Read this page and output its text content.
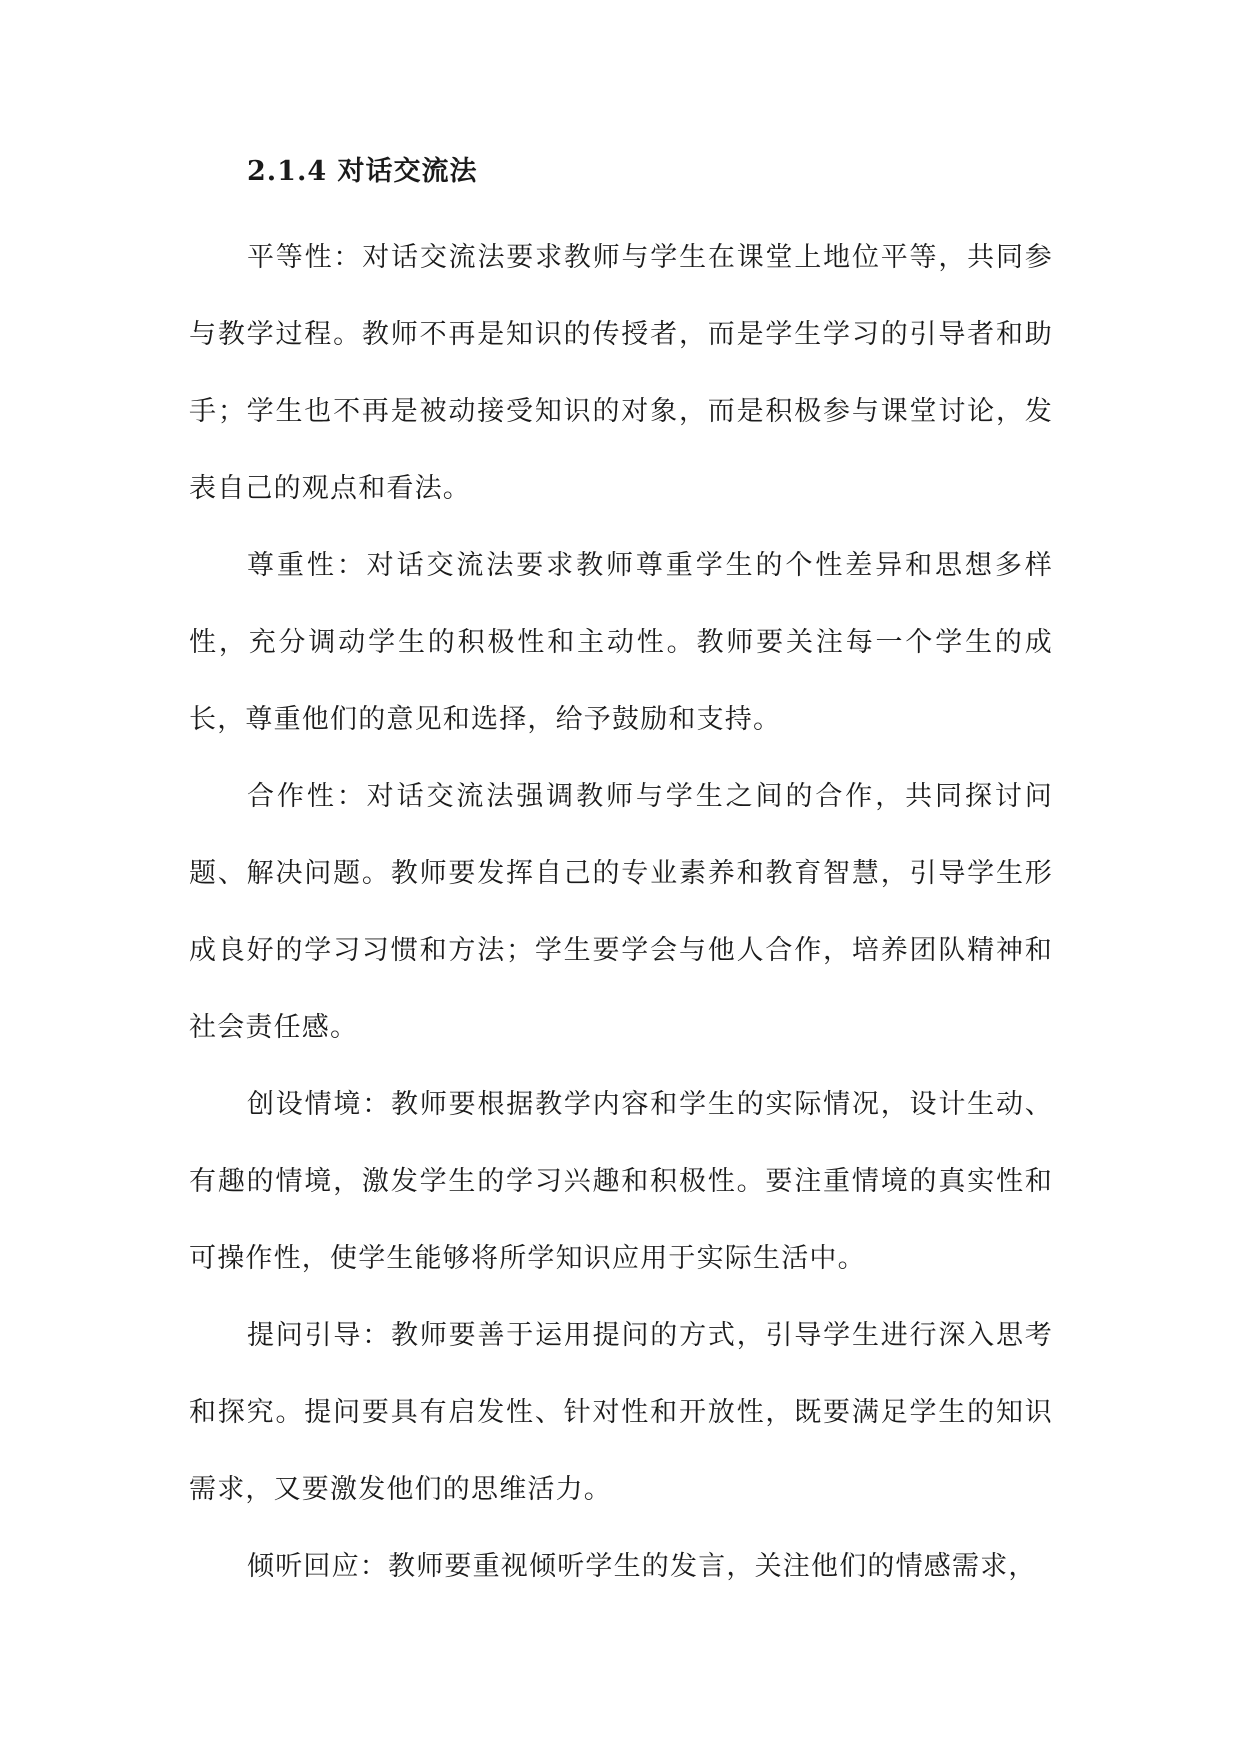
2.1.4 对话交流法

平等性：对话交流法要求教师与学生在课堂上地位平等，共同参与教学过程。教师不再是知识的传授者，而是学生学习的引导者和助手；学生也不再是被动接受知识的对象，而是积极参与课堂讨论，发表自己的观点和看法。

尊重性：对话交流法要求教师尊重学生的个性差异和思想多样性，充分调动学生的积极性和主动性。教师要关注每一个学生的成长，尊重他们的意见和选择，给予鼓励和支持。

合作性：对话交流法强调教师与学生之间的合作，共同探讨问题、解决问题。教师要发挥自己的专业素养和教育智慧，引导学生形成良好的学习习惯和方法；学生要学会与他人合作，培养团队精神和社会责任感。

创设情境：教师要根据教学内容和学生的实际情况，设计生动、有趣的情境，激发学生的学习兴趣和积极性。要注重情境的真实性和可操作性，使学生能够将所学知识应用于实际生活中。

提问引导：教师要善于运用提问的方式，引导学生进行深入思考和探究。提问要具有启发性、针对性和开放性，既要满足学生的知识需求，又要激发他们的思维活力。

倾听回应：教师要重视倾听学生的发言，关注他们的情感需求，
